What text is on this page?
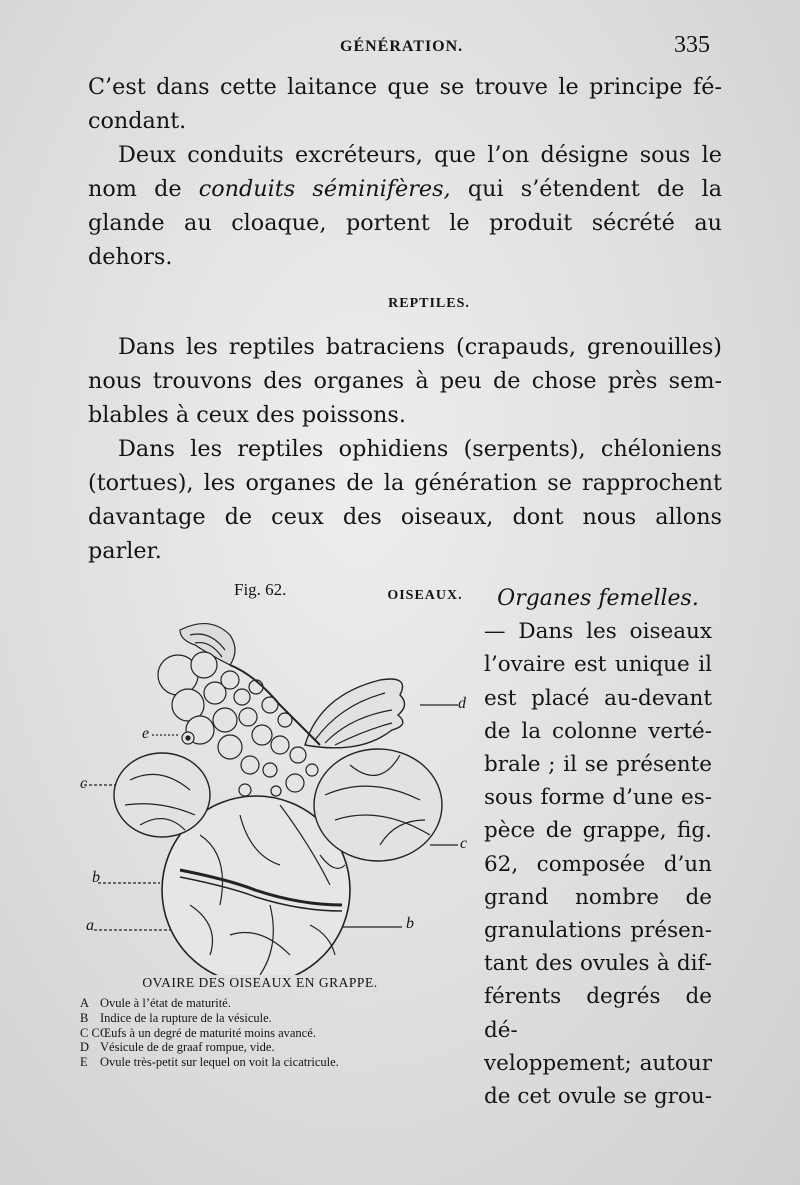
GÉNÉRATION.	335

C’est dans cette laitance que se trouve le principe fé-

condant.

Deux conduits excréteurs, que l’on désigne sous le

nom de conduits séminifères, qui s’étendent de la

glande au cloaque, portent le produit sécrété au dehors.

REPTILES.

Dans les reptiles batraciens (crapauds, grenouilles)

nous trouvons des organes à peu de chose près sem-

blables à ceux des poissons.

Dans les reptiles ophidiens (serpents), chéloniens

(tortues), les organes de la génération se rapprochent

davantage de ceux des oiseaux, dont nous allons

parler.

OISEAUX.
Fig. 62.
d
e
c
c
b
b
a
OVAIRE DES OISEAUX EN GRAPPE.
A Ovule à l’état de maturité.
B Indice de la rupture de la vésicule.
C C Œufs à un degré de maturité moins avancé.
D Vésicule de de graaf rompue, vide.
E Ovule très-petit sur lequel on voit la cicatricule.

Organes femelles.

— Dans les oiseaux

l’ovaire est unique il

est placé au-devant

de la colonne verté-

brale ; il se présente

sous forme d’une es-

pèce de grappe, fig.

62, composée d’un

grand nombre de

granulations présen-

tant des ovules à dif-

férents degrés de dé-

veloppement; autour

de cet ovule se grou-
